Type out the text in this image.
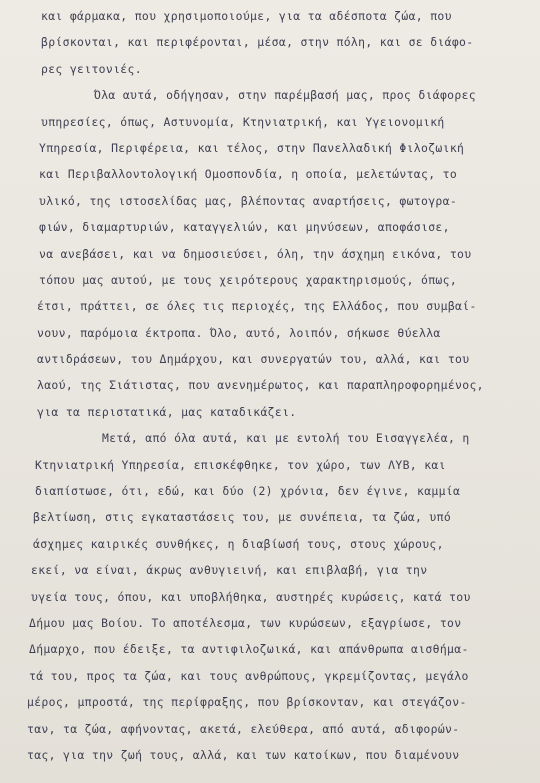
και φάρμακα, που χρησιμοποιούμε, για τα αδέσποτα ζώα, που
βρίσκονται, και περιφέρονται, μέσα, στην πόλη, και σε διάφο-
ρες γειτονιές.
Όλα αυτά, οδήγησαν, στην παρέμβασή μας, προς διάφορες
υπηρεσίες, όπως, Αστυνομία, Κτηνιατρική, και Υγειονομική
Υπηρεσία, Περιφέρεια, και τέλος, στην Πανελλαδική Φιλοζωική
και Περιβαλλοντολογική Ομοσπονδία, η οποία, μελετώντας, το
υλικό, της ιστοσελίδας μας, βλέποντας αναρτήσεις, φωτογρα-
φιών, διαμαρτυριών, καταγγελιών, και μηνύσεων, αποφάσισε,
να ανεβάσει, και να δημοσιεύσει, όλη, την άσχημη εικόνα, του
τόπου μας αυτού, με τους χειρότερους χαρακτηρισμούς, όπως,
έτσι, πράττει, σε όλες τις περιοχές, της Ελλάδος, που συμβαί-
νουν, παρόμοια έκτροπα. Όλο, αυτό, λοιπόν, σήκωσε θύελλα
αντιδράσεων, του Δημάρχου, και συνεργατών του, αλλά, και του
λαού, της Σιάτιστας, που ανενημέρωτος, και παραπληροφορημένος,
για τα περιστατικά, μας καταδικάζει.
Μετά, από όλα αυτά, και με εντολή του Εισαγγελέα, η
Κτηνιατρική Υπηρεσία, επισκέφθηκε, τον χώρο, των ΛΥΒ, και
διαπίστωσε, ότι, εδώ, και δύο (2) χρόνια, δεν έγινε, καμμία
βελτίωση, στις εγκαταστάσεις του, με συνέπεια, τα ζώα, υπό
άσχημες καιρικές συνθήκες, η διαβίωσή τους, στους χώρους,
εκεί, να είναι, άκρως ανθυγιεινή, και επιβλαβή, για την
υγεία τους, όπου, και υποβλήθηκα, αυστηρές κυρώσεις, κατά του
Δήμου μας Βοίου. Το αποτέλεσμα, των κυρώσεων, εξαγρίωσε, τον
Δήμαρχο, που έδειξε, τα αντιφιλοζωικά, και απάνθρωπα αισθήμα-
τά του, προς τα ζώα, και τους ανθρώπους, γκρεμίζοντας, μεγάλο
μέρος, μπροστά, της περίφραξης, που βρίσκονταν, και στεγάζον-
ταν, τα ζώα, αφήνοντας, ακετά, ελεύθερα, από αυτά, αδιφορών-
τας, για την ζωή τους, αλλά, και των κατοίκων, που διαμένουν
